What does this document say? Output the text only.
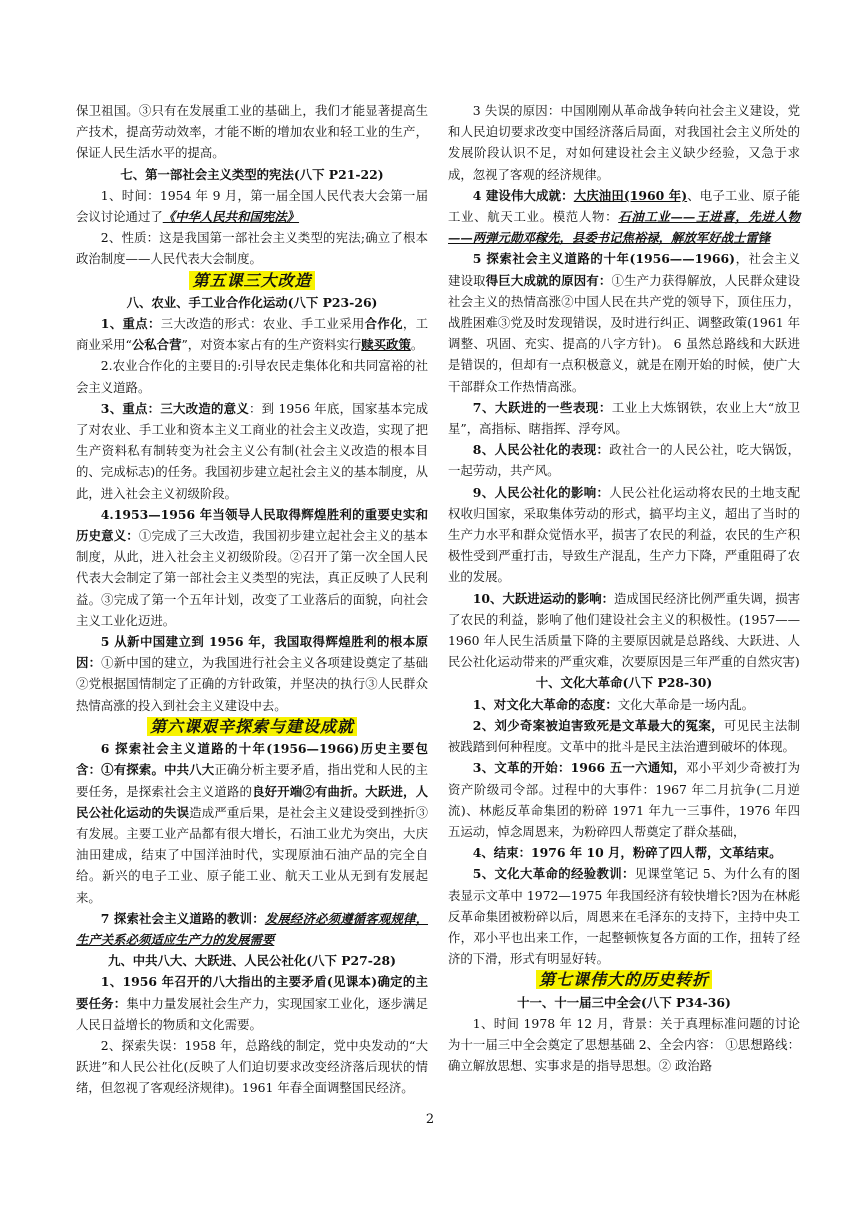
保卫祖国。③只有在发展重工业的基础上，我们才能显著提高生产技术，提高劳动效率，才能不断的增加农业和轻工业的生产，保证人民生活水平的提高。

七、第一部社会主义类型的宪法(八下 P21-22)

1、时间：1954 年 9 月，第一届全国人民代表大会第一届会议讨论通过了《中华人民共和国宪法》

2、性质：这是我国第一部社会主义类型的宪法;确立了根本政治制度——人民代表大会制度。

第五课三大改造

八、农业、手工业合作化运动(八下 P23-26)

1、重点：三大改造的形式：农业、手工业采用合作化，工商业采用“公私合营”，对资本家占有的生产资料实行赎买政策。

2.农业合作化的主要目的:引导农民走集体化和共同富裕的社会主义道路。

3、重点：三大改造的意义：到 1956 年底，国家基本完成了对农业、手工业和资本主义工商业的社会主义改造，实现了把生产资料私有制转变为社会主义公有制(社会主义改造的根本目的、完成标志)的任务。我国初步建立起社会主义的基本制度，从此，进入社会主义初级阶段。

4.1953—1956 年当领导人民取得辉煌胜利的重要史实和历史意义：①完成了三大改造，我国初步建立起社会主义的基本制度，从此，进入社会主义初级阶段。②召开了第一次全国人民代表大会制定了第一部社会主义类型的宪法，真正反映了人民利益。③完成了第一个五年计划，改变了工业落后的面貌，向社会主义工业化迈进。

5 从新中国建立到 1956 年，我国取得辉煌胜利的根本原因：①新中国的建立，为我国进行社会主义各项建设奠定了基础②党根据国情制定了正确的方针政策，并坚决的执行③人民群众热情高涨的投入到社会主义建设中去。

第六课艰辛探索与建设成就

6 探索社会主义道路的十年(1956—1966)历史主要包含：①有探索。中共八大正确分析主要矛盾，指出党和人民的主要任务，是探索社会主义道路的良好开端②有曲折。大跃进，人民公社化运动的失误造成严重后果，是社会主义建设受到挫折③有发展。主要工业产品都有很大增长，石油工业尤为突出，大庆油田建成，结束了中国洋油时代，实现原油石油产品的完全自给。新兴的电子工业、原子能工业、航天工业从无到有发展起来。

7 探索社会主义道路的教训：发展经济必须遵循客观规律，生产关系必须适应生产力的发展需要

九、中共八大、大跃进、人民公社化(八下 P27-28)

1、1956 年召开的八大指出的主要矛盾(见课本)确定的主要任务：集中力量发展社会生产力，实现国家工业化，逐步满足人民日益增长的物质和文化需要。

2、探索失误：1958 年，总路线的制定，党中央发动的“大跃进”和人民公社化(反映了人们迫切要求改变经济落后现状的情绪，但忽视了客观经济规律)。1961 年春全面调整国民经济。

3 失误的原因：中国刚刚从革命战争转向社会主义建设，党和人民迫切要求改变中国经济落后局面，对我国社会主义所处的发展阶段认识不足，对如何建设社会主义缺少经验，又急于求成，忽视了客观的经济规律。

4 建设伟大成就：大庆油田(1960 年)、电子工业、原子能工业、航天工业。模范人物：石油工业——王进喜，先进人物——两弹元勋邓稼先，县委书记焦裕禄，解放军好战士雷锋

5 探索社会主义道路的十年(1956——1966)，社会主义建设取得巨大成就的原因有：①生产力获得解放，人民群众建设社会主义的热情高涨②中国人民在共产党的领导下，顶住压力，战胜困难③党及时发现错误，及时进行纠正、调整政策(1961 年调整、巩固、充实、提高的八字方针)。 6 虽然总路线和大跃进是错误的，但却有一点积极意义，就是在刚开始的时候，使广大干部群众工作热情高涨。

7、大跃进的一些表现：工业上大炼钢铁，农业上大“放卫星”，高指标、瞎指挥、浮夸风。

8、人民公社化的表现：政社合一的人民公社，吃大锅饭，一起劳动，共产风。

9、人民公社化的影响：人民公社化运动将农民的土地支配权收归国家，采取集体劳动的形式，搞平均主义，超出了当时的生产力水平和群众觉悟水平，损害了农民的利益，农民的生产积极性受到严重打击，导致生产混乱，生产力下降，严重阻碍了农业的发展。

10、大跃进运动的影响：造成国民经济比例严重失调，损害了农民的利益，影响了他们建设社会主义的积极性。(1957——1960 年人民生活质量下降的主要原因就是总路线、大跃进、人民公社化运动带来的严重灾难，次要原因是三年严重的自然灾害)

十、文化大革命(八下 P28-30)

1、对文化大革命的态度：文化大革命是一场内乱。

2、刘少奇案被迫害致死是文革最大的冤案，可见民主法制被践踏到何种程度。文革中的批斗是民主法治遭到破坏的体现。

3、文革的开始：1966 五一六通知，邓小平刘少奇被打为资产阶级司令部。过程中的大事件：1967 年二月抗争(二月逆流)、林彪反革命集团的粉碎 1971 年九一三事件，1976 年四五运动，悼念周恩来，为粉碎四人帮奠定了群众基础，

4、结束：1976 年 10 月，粉碎了四人帮，文革结束。

5、文化大革命的经验教训：见课堂笔记 5、为什么有的图表显示文革中 1972—1975 年我国经济有较快增长?因为在林彪反革命集团被粉碎以后，周恩来在毛泽东的支持下，主持中央工作，邓小平也出来工作，一起整顿恢复各方面的工作，扭转了经济的下滑，形式有明显好转。

第七课伟大的历史转折

十一、十一届三中全会(八下 P34-36)

1、时间 1978 年 12 月，背景：关于真理标准问题的讨论为十一届三中全会奠定了思想基础 2、全会内容： ①思想路线：确立解放思想、实事求是的指导思想。② 政治路

2
